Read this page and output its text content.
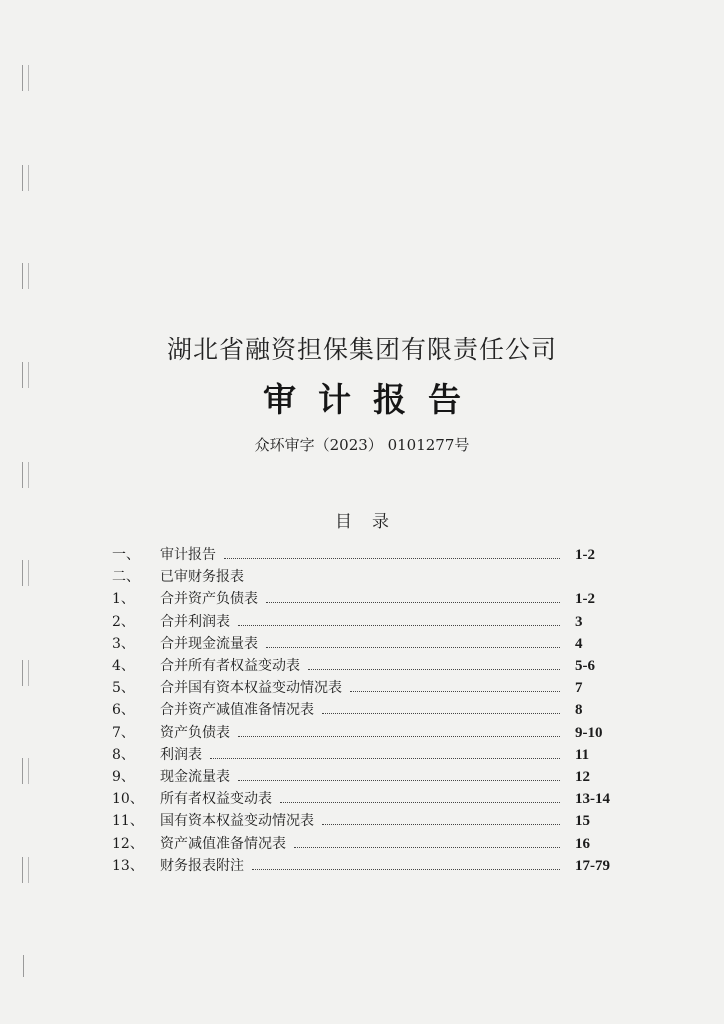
湖北省融资担保集团有限责任公司
审计报告
众环审字（2023） 0101277号
目录
一、	审计报告	1-2
二、	已审财务报表
1、	合并资产负债表	1-2
2、	合并利润表	3
3、	合并现金流量表	4
4、	合并所有者权益变动表	5-6
5、	合并国有资本权益变动情况表	7
6、	合并资产减值准备情况表	8
7、	资产负债表	9-10
8、	利润表	11
9、	现金流量表	12
10、	所有者权益变动表	13-14
11、	国有资本权益变动情况表	15
12、	资产减值准备情况表	16
13、	财务报表附注	17-79
